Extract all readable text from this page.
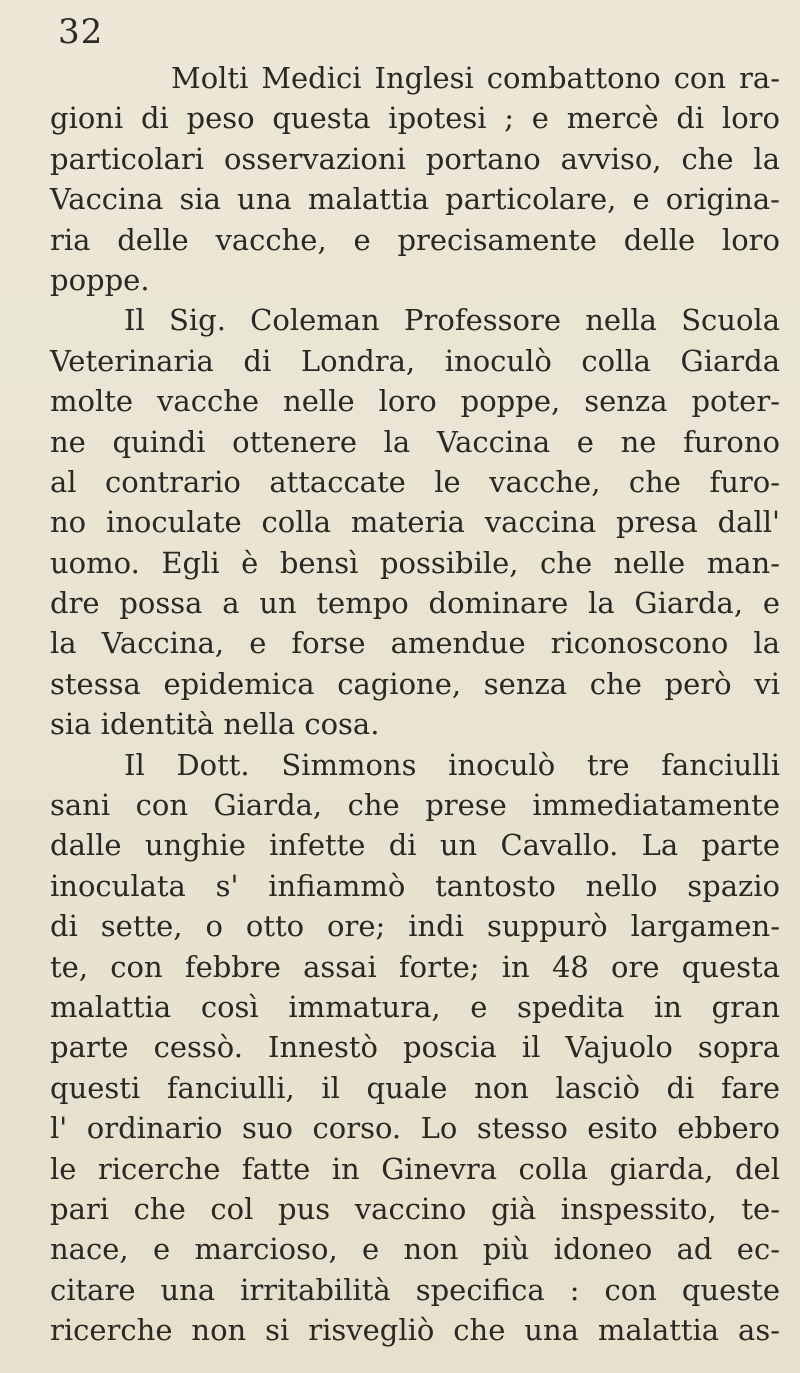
32
Molti Medici Inglesi combattono con ra-
gioni di peso questa ipotesi ; e mercè di loro
particolari osservazioni portano avviso, che la
Vaccina sia una malattia particolare, e origina-
ria delle vacche, e precisamente delle loro
poppe.
Il Sig. Coleman Professore nella Scuola
Veterinaria di Londra, inoculò colla Giarda
molte vacche nelle loro poppe, senza poter-
ne quindi ottenere la Vaccina e ne furono
al contrario attaccate le vacche, che furo-
no inoculate colla materia vaccina presa dall'
uomo. Egli è bensì possibile, che nelle man-
dre possa a un tempo dominare la Giarda, e
la Vaccina, e forse amendue riconoscono la
stessa epidemica cagione, senza che però vi
sia identità nella cosa.
Il Dott. Simmons inoculò tre fanciulli
sani con Giarda, che prese immediatamente
dalle unghie infette di un Cavallo. La parte
inoculata s' infiammò tantosto nello spazio
di sette, o otto ore; indi suppurò largamen-
te, con febbre assai forte; in 48 ore questa
malattia così immatura, e spedita in gran
parte cessò. Innestò poscia il Vajuolo sopra
questi fanciulli, il quale non lasciò di fare
l' ordinario suo corso. Lo stesso esito ebbero
le ricerche fatte in Ginevra colla giarda, del
pari che col pus vaccino già inspessito, te-
nace, e marcioso, e non più idoneo ad ec-
citare una irritabilità specifica : con queste
ricerche non si risvegliò che una malattia as-
